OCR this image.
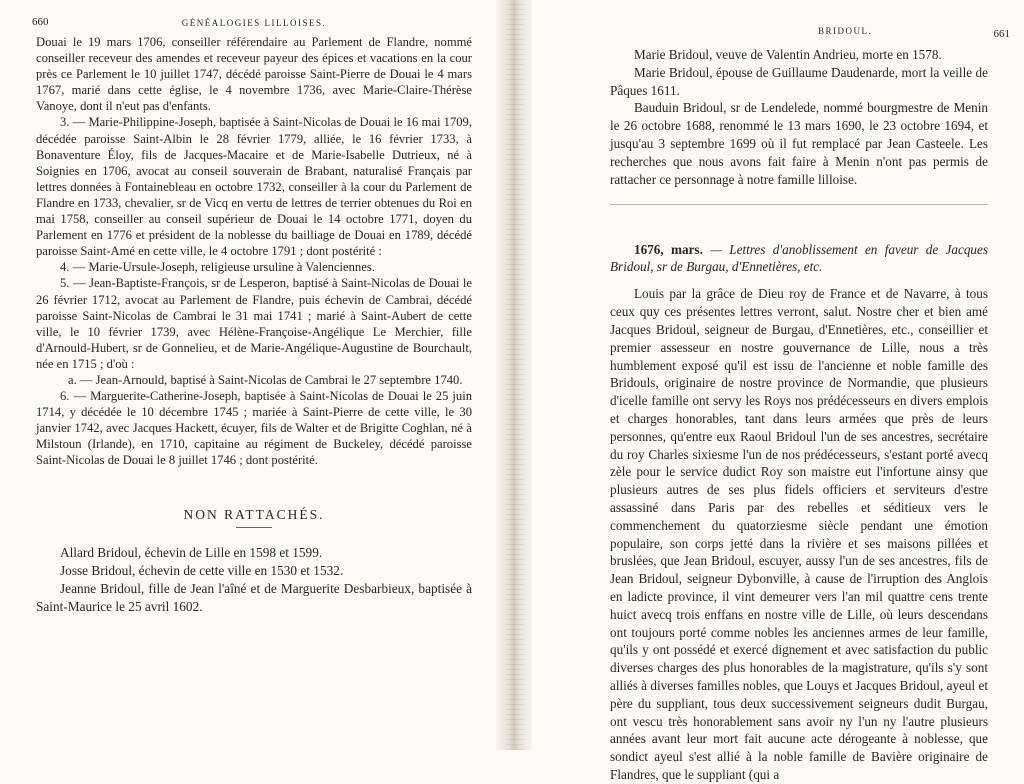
660	GÉNÉALOGIES LILLOISES.

Douai le 19 mars 1706, conseiller référendaire au Parlement de Flandre, nommé conseiller receveur des amendes et receveur payeur des épices et vacations en la cour près ce Parlement le 10 juillet 1747, décédé paroisse Saint-Pierre de Douai le 4 mars 1767, marié dans cette église, le 4 novembre 1736, avec Marie-Claire-Thérèse Vanoye, dont il n'eut pas d'enfants.

3. — Marie-Philippine-Joseph, baptisée à Saint-Nicolas de Douai le 16 mai 1709, décédée paroisse Saint-Albin le 28 février 1779, alliée, le 16 février 1733, à Bonaventure Éloy, fils de Jacques-Macaire et de Marie-Isabelle Dutrieux, né à Soignies en 1706, avocat au conseil souverain de Brabant, naturalisé Français par lettres données à Fontainebleau en octobre 1732, conseiller à la cour du Parlement de Flandre en 1733, chevalier, sr de Vicq en vertu de lettres de terrier obtenues du Roi en mai 1758, conseiller au conseil supérieur de Douai le 14 octobre 1771, doyen du Parlement en 1776 et président de la noblesse du bailliage de Douai en 1789, décédé paroisse Saint-Amé en cette ville, le 4 octobre 1791 ; dont postérité :

4. — Marie-Ursule-Joseph, religieuse ursuline à Valenciennes.

5. — Jean-Baptiste-François, sr de Lesperon, baptisé à Saint-Nicolas de Douai le 26 février 1712, avocat au Parlement de Flandre, puis échevin de Cambrai, décédé paroisse Saint-Nicolas de Cambrai le 31 mai 1741 ; marié à Saint-Aubert de cette ville, le 10 février 1739, avec Hélène-Françoise-Angélique Le Merchier, fille d'Arnould-Hubert, sr de Gonnelieu, et de Marie-Angélique-Augustine de Bourchault, née en 1715 ; d'où :

a. — Jean-Arnould, baptisé à Saint-Nicolas de Cambrai le 27 septembre 1740.

6. — Marguerite-Catherine-Joseph, baptisée à Saint-Nicolas de Douai le 25 juin 1714, y décédée le 10 décembre 1745 ; mariée à Saint-Pierre de cette ville, le 30 janvier 1742, avec Jacques Hackett, écuyer, fils de Walter et de Brigitte Coghlan, né à Milstoun (Irlande), en 1710, capitaine au régiment de Buckeley, décédé paroisse Saint-Nicolas de Douai le 8 juillet 1746 ; dont postérité.

NON RATTACHÉS.

Allard Bridoul, échevin de Lille en 1598 et 1599.

Josse Bridoul, échevin de cette ville en 1530 et 1532.

Jeanne Bridoul, fille de Jean l'aîné et de Marguerite Desbarbieux, baptisée à Saint-Maurice le 25 avril 1602.

BRIDOUL.	661

Marie Bridoul, veuve de Valentin Andrieu, morte en 1578.

Marie Bridoul, épouse de Guillaume Daudenarde, mort la veille de Pâques 1611.

Bauduin Bridoul, sr de Lendelede, nommé bourgmestre de Menin le 26 octobre 1688, renommé le 13 mars 1690, le 23 octobre 1694, et jusqu'au 3 septembre 1699 où il fut remplacé par Jean Casteele. Les recherches que nous avons fait faire à Menin n'ont pas permis de rattacher ce personnage à notre famille lilloise.

1676, mars. — Lettres d'anoblissement en faveur de Jacques Bridoul, sr de Burgau, d'Ennetières, etc.

Louis par la grâce de Dieu roy de France et de Navarre, à tous ceux quy ces présentes lettres verront, salut. Nostre cher et bien amé Jacques Bridoul, seigneur de Burgau, d'Ennetières, etc., conseillier et premier assesseur en nostre gouvernance de Lille, nous a très humblement exposé qu'il est issu de l'ancienne et noble famille des Bridouls, originaire de nostre province de Normandie, que plusieurs d'icelle famille ont servy les Roys nos prédécesseurs en divers emplois et charges honorables, tant dans leurs armées que près de leurs personnes, qu'entre eux Raoul Bridoul l'un de ses ancestres, secrétaire du roy Charles sixiesme l'un de nos prédécesseurs, s'estant porté avecq zèle pour le service dudict Roy son maistre eut l'infortune ainsy que plusieurs autres de ses plus fidels officiers et serviteurs d'estre assassiné dans Paris par des rebelles et séditieux vers le commenchement du quatorziesme siècle pendant une émotion populaire, son corps jetté dans la rivière et ses maisons pillées et bruslées, que Jean Bridoul, escuyer, aussy l'un de ses ancestres, fils de Jean Bridoul, seigneur Dybonville, à cause de l'irruption des Anglois en ladicte province, il vint demeurer vers l'an mil quattre cens trente huict avecq trois enffans en nostre ville de Lille, où leurs descendans ont toujours porté comme nobles les anciennes armes de leur famille, qu'ils y ont possédé et exercé dignement et avec satisfaction du public diverses charges des plus honorables de la magistrature, qu'ils s'y sont alliés à diverses familles nobles, que Louys et Jacques Bridoul, ayeul et père du suppliant, tous deux successivement seigneurs dudit Burgau, ont vescu très honorablement sans avoir ny l'un ny l'autre plusieurs années avant leur mort fait aucune acte dérogeante à noblesse, que sondict ayeul s'est allié à la noble famille de Bavière originaire de Flandres, que le suppliant (qui a
